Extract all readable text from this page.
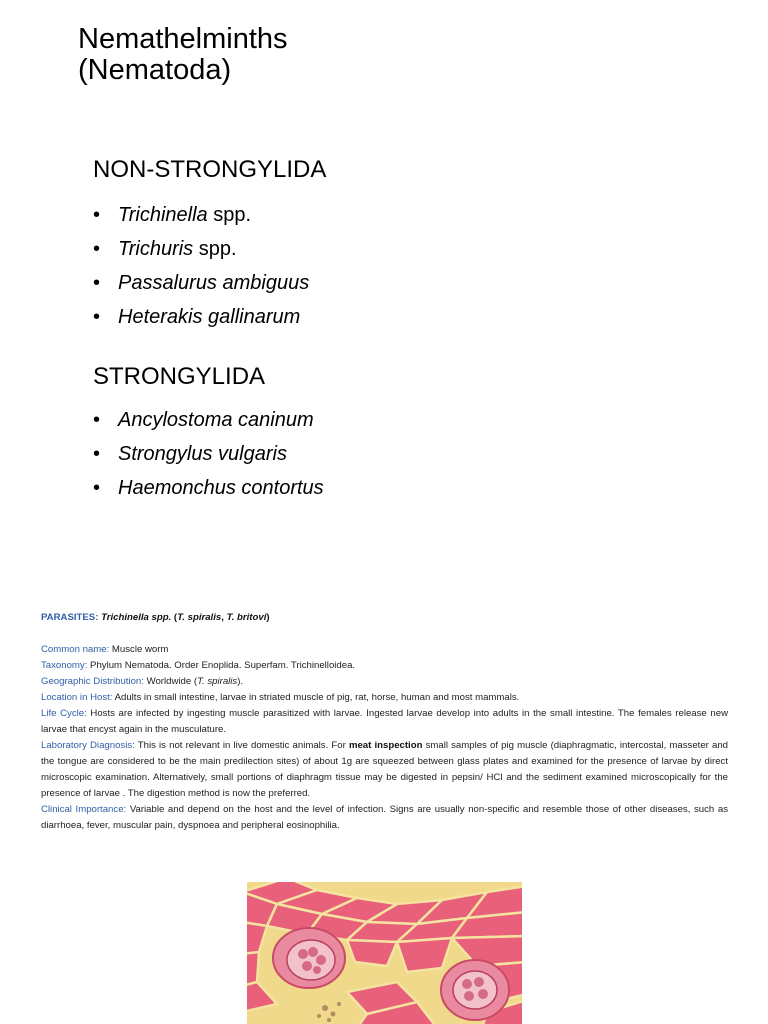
Nemathelminths
(Nematoda)
NON-STRONGYLIDA
• Trichinella spp.
• Trichuris spp.
• Passalurus ambiguus
• Heterakis gallinarum
STRONGYLIDA
• Ancylostoma caninum
• Strongylus vulgaris
• Haemonchus contortus

PARASITES: Trichinella spp. (T. spiralis, T. britovi)

Common name: Muscle worm

Taxonomy: Phylum Nematoda. Order Enoplida. Superfam. Trichinelloidea.

Geographic Distribution: Worldwide (T. spiralis).

Location in Host: Adults in small intestine, larvae in striated muscle of pig, rat, horse, human and most mammals.

Life Cycle: Hosts are infected by ingesting muscle parasitized with larvae. Ingested larvae develop into adults in the small intestine. The females release new larvae that encyst again in the musculature.

Laboratory Diagnosis: This is not relevant in live domestic animals. For meat inspection small samples of pig muscle (diaphragmatic, intercostal, masseter and the tongue are considered to be the main predilection sites) of about 1g are squeezed between glass plates and examined for the presence of larvae by direct microscopic examination. Alternatively, small portions of diaphragm tissue may be digested in pepsin/ HCl and the sediment examined microscopically for the presence of larvae . The digestion method is now the preferred.

Clinical Importance: Variable and depend on the host and the level of infection. Signs are usually non-specific and resemble those of other diseases, such as diarrhoea, fever, muscular pain, dyspnoea and peripheral eosinophilia.
